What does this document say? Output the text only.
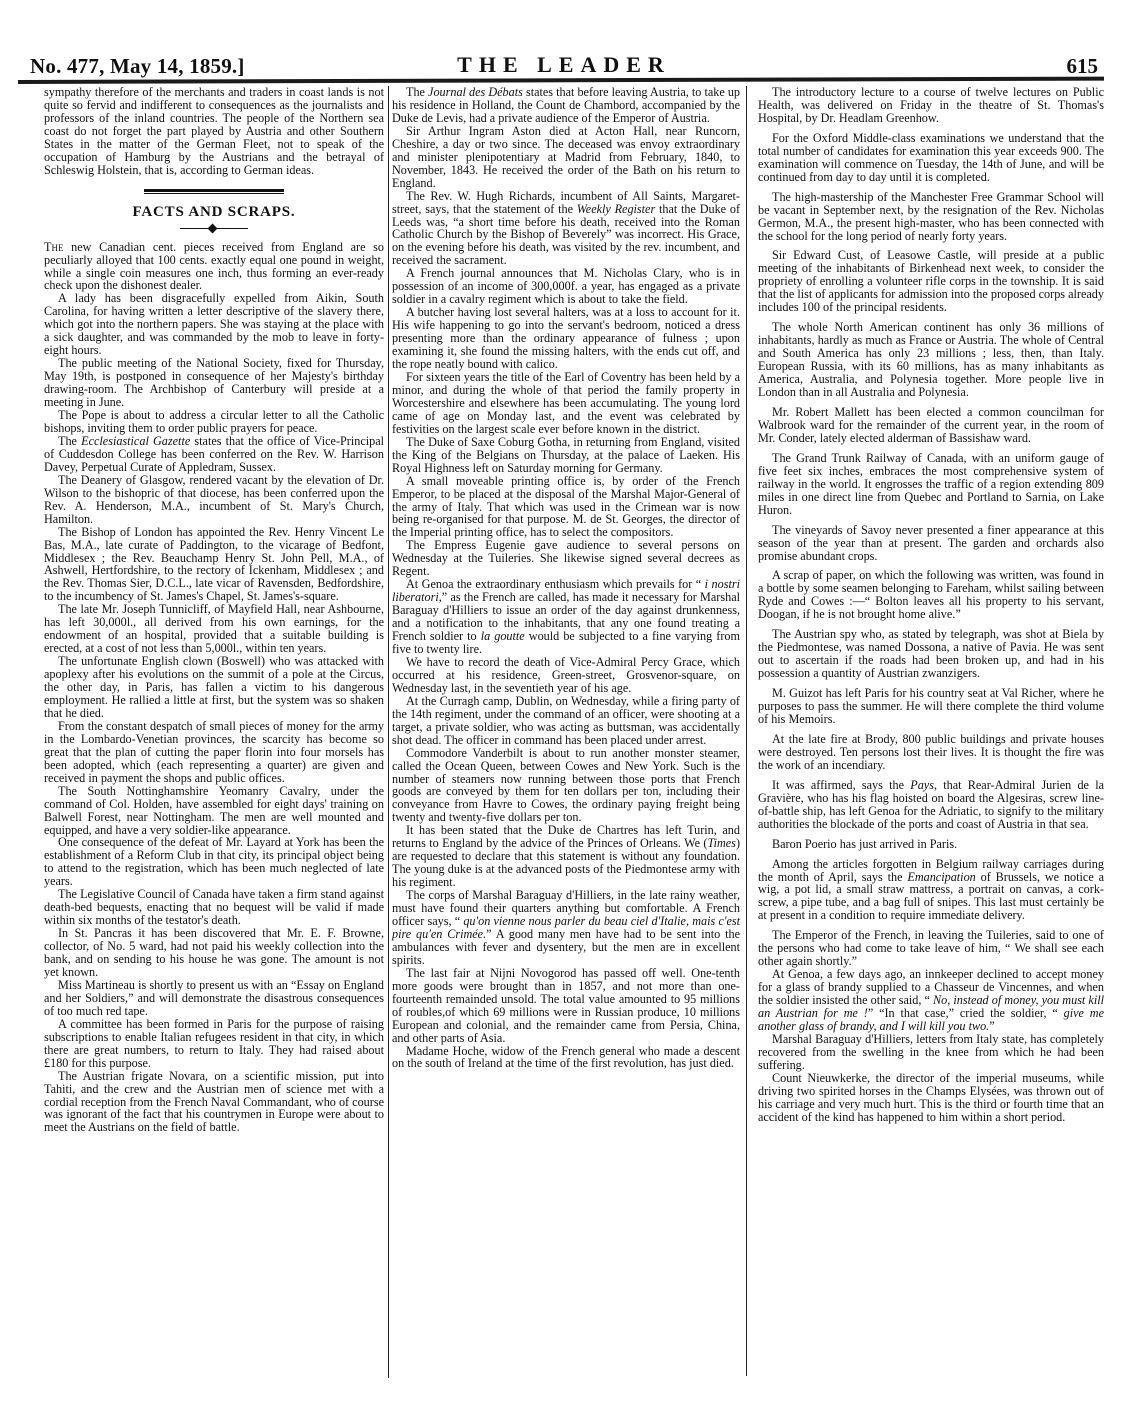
No. 477, May 14, 1859.]	THE LEADER	615

sympathy therefore of the merchants and traders in coast lands is not quite so fervid and indifferent to consequences as the journalists and professors of the inland countries. The people of the Northern sea coast do not forget the part played by Austria and other Southern States in the matter of the German Fleet, not to speak of the occupation of Hamburg by the Austrians and the betrayal of Schleswig Holstein, that is, according to German ideas.

FACTS AND SCRAPS.

The new Canadian cent. pieces received from England are so peculiarly alloyed that 100 cents. exactly equal one pound in weight, while a single coin measures one inch, thus forming an ever-ready check upon the dishonest dealer.

A lady has been disgracefully expelled from Aikin, South Carolina, for having written a letter descriptive of the slavery there, which got into the northern papers. She was staying at the place with a sick daughter, and was commanded by the mob to leave in forty-eight hours.

The public meeting of the National Society, fixed for Thursday, May 19th, is postponed in consequence of her Majesty's birthday drawing-room. The Archbishop of Canterbury will preside at a meeting in June.

The Pope is about to address a circular letter to all the Catholic bishops, inviting them to order public prayers for peace.

The Ecclesiastical Gazette states that the office of Vice-Principal of Cuddesdon College has been conferred on the Rev. W. Harrison Davey, Perpetual Curate of Appledram, Sussex.

The Deanery of Glasgow, rendered vacant by the elevation of Dr. Wilson to the bishopric of that diocese, has been conferred upon the Rev. A. Henderson, M.A., incumbent of St. Mary's Church, Hamilton.

The Bishop of London has appointed the Rev. Henry Vincent Le Bas, M.A., late curate of Paddington, to the vicarage of Bedfont, Middlesex ; the Rev. Beauchamp Henry St. John Pell, M.A., of Ashwell, Hertfordshire, to the rectory of Ickenham, Middlesex ; and the Rev. Thomas Sier, D.C.L., late vicar of Ravensden, Bedfordshire, to the incumbency of St. James's Chapel, St. James's-square.

The late Mr. Joseph Tunnicliff, of Mayfield Hall, near Ashbourne, has left 30,000l., all derived from his own earnings, for the endowment of an hospital, provided that a suitable building is erected, at a cost of not less than 5,000l., within ten years.

The unfortunate English clown (Boswell) who was attacked with apoplexy after his evolutions on the summit of a pole at the Circus, the other day, in Paris, has fallen a victim to his dangerous employment. He rallied a little at first, but the system was so shaken that he died.

From the constant despatch of small pieces of money for the army in the Lombardo-Venetian provinces, the scarcity has become so great that the plan of cutting the paper florin into four morsels has been adopted, which (each representing a quarter) are given and received in payment the shops and public offices.

The South Nottinghamshire Yeomanry Cavalry, under the command of Col. Holden, have assembled for eight days' training on Balwell Forest, near Nottingham. The men are well mounted and equipped, and have a very soldier-like appearance.

One consequence of the defeat of Mr. Layard at York has been the establishment of a Reform Club in that city, its principal object being to attend to the registration, which has been much neglected of late years.

The Legislative Council of Canada have taken a firm stand against death-bed bequests, enacting that no bequest will be valid if made within six months of the testator's death.

In St. Pancras it has been discovered that Mr. E. F. Browne, collector, of No. 5 ward, had not paid his weekly collection into the bank, and on sending to his house he was gone. The amount is not yet known.

Miss Martineau is shortly to present us with an “Essay on England and her Soldiers,” and will demonstrate the disastrous consequences of too much red tape.

A committee has been formed in Paris for the purpose of raising subscriptions to enable Italian refugees resident in that city, in which there are great numbers, to return to Italy. They had raised about £180 for this purpose.

The Austrian frigate Novara, on a scientific mission, put into Tahiti, and the crew and the Austrian men of science met with a cordial reception from the French Naval Commandant, who of course was ignorant of the fact that his countrymen in Europe were about to meet the Austrians on the field of battle.

The Journal des Débats states that before leaving Austria, to take up his residence in Holland, the Count de Chambord, accompanied by the Duke de Levis, had a private audience of the Emperor of Austria.

Sir Arthur Ingram Aston died at Acton Hall, near Runcorn, Cheshire, a day or two since. The deceased was envoy extraordinary and minister plenipotentiary at Madrid from February, 1840, to November, 1843. He received the order of the Bath on his return to England.

The Rev. W. Hugh Richards, incumbent of All Saints, Margaret-street, says, that the statement of the Weekly Register that the Duke of Leeds was, “a short time before his death, received into the Roman Catholic Church by the Bishop of Beverely” was incorrect. His Grace, on the evening before his death, was visited by the rev. incumbent, and received the sacrament.

A French journal announces that M. Nicholas Clary, who is in possession of an income of 300,000f. a year, has engaged as a private soldier in a cavalry regiment which is about to take the field.

A butcher having lost several halters, was at a loss to account for it. His wife happening to go into the servant's bedroom, noticed a dress presenting more than the ordinary appearance of fulness ; upon examining it, she found the missing halters, with the ends cut off, and the rope neatly bound with calico.

For sixteen years the title of the Earl of Coventry has been held by a minor, and during the whole of that period the family property in Worcestershire and elsewhere has been accumulating. The young lord came of age on Monday last, and the event was celebrated by festivities on the largest scale ever before known in the district.

The Duke of Saxe Coburg Gotha, in returning from England, visited the King of the Belgians on Thursday, at the palace of Laeken. His Royal Highness left on Saturday morning for Germany.

A small moveable printing office is, by order of the French Emperor, to be placed at the disposal of the Marshal Major-General of the army of Italy. That which was used in the Crimean war is now being re-organised for that purpose. M. de St. Georges, the director of the Imperial printing office, has to select the compositors.

The Empress Eugenie gave audience to several persons on Wednesday at the Tuileries. She likewise signed several decrees as Regent.

At Genoa the extraordinary enthusiasm which prevails for “ i nostri liberatori,” as the French are called, has made it necessary for Marshal Baraguay d'Hilliers to issue an order of the day against drunkenness, and a notification to the inhabitants, that any one found treating a French soldier to la goutte would be subjected to a fine varying from five to twenty lire.

We have to record the death of Vice-Admiral Percy Grace, which occurred at his residence, Green-street, Grosvenor-square, on Wednesday last, in the seventieth year of his age.

At the Curragh camp, Dublin, on Wednesday, while a firing party of the 14th regiment, under the command of an officer, were shooting at a target, a private soldier, who was acting as buttsman, was accidentally shot dead. The officer in command has been placed under arrest.

Commodore Vanderbilt is about to run another monster steamer, called the Ocean Queen, between Cowes and New York. Such is the number of steamers now running between those ports that French goods are conveyed by them for ten dollars per ton, including their conveyance from Havre to Cowes, the ordinary paying freight being twenty and twenty-five dollars per ton.

It has been stated that the Duke de Chartres has left Turin, and returns to England by the advice of the Princes of Orleans. We (Times) are requested to declare that this statement is without any foundation. The young duke is at the advanced posts of the Piedmontese army with his regiment.

The corps of Marshal Baraguay d'Hilliers, in the late rainy weather, must have found their quarters anything but comfortable. A French officer says, “ qu'on vienne nous parler du beau ciel d'Italie, mais c'est pire qu'en Crimée.” A good many men have had to be sent into the ambulances with fever and dysentery, but the men are in excellent spirits.

The last fair at Nijni Novogorod has passed off well. One-tenth more goods were brought than in 1857, and not more than one-fourteenth remainded unsold. The total value amounted to 95 millions of roubles,of which 69 millions were in Russian produce, 10 millions European and colonial, and the remainder came from Persia, China, and other parts of Asia.

Madame Hoche, widow of the French general who made a descent on the south of Ireland at the time of the first revolution, has just died.

The introductory lecture to a course of twelve lectures on Public Health, was delivered on Friday in the theatre of St. Thomas's Hospital, by Dr. Headlam Greenhow.

For the Oxford Middle-class examinations we understand that the total number of candidates for examination this year exceeds 900. The examination will commence on Tuesday, the 14th of June, and will be continued from day to day until it is completed.

The high-mastership of the Manchester Free Grammar School will be vacant in September next, by the resignation of the Rev. Nicholas Germon, M.A., the present high-master, who has been connected with the school for the long period of nearly forty years.

Sir Edward Cust, of Leasowe Castle, will preside at a public meeting of the inhabitants of Birkenhead next week, to consider the propriety of enrolling a volunteer rifle corps in the township. It is said that the list of applicants for admission into the proposed corps already includes 100 of the principal residents.

The whole North American continent has only 36 millions of inhabitants, hardly as much as France or Austria. The whole of Central and South America has only 23 millions ; less, then, than Italy. European Russia, with its 60 millions, has as many inhabitants as America, Australia, and Polynesia together. More people live in London than in all Australia and Polynesia.

Mr. Robert Mallett has been elected a common councilman for Walbrook ward for the remainder of the current year, in the room of Mr. Conder, lately elected alderman of Bassishaw ward.

The Grand Trunk Railway of Canada, with an uniform gauge of five feet six inches, embraces the most comprehensive system of railway in the world. It engrosses the traffic of a region extending 809 miles in one direct line from Quebec and Portland to Sarnia, on Lake Huron.

The vineyards of Savoy never presented a finer appearance at this season of the year than at present. The garden and orchards also promise abundant crops.

A scrap of paper, on which the following was written, was found in a bottle by some seamen belonging to Fareham, whilst sailing between Ryde and Cowes :—“ Bolton leaves all his property to his servant, Doogan, if he is not brought home alive.”

The Austrian spy who, as stated by telegraph, was shot at Biela by the Piedmontese, was named Dossona, a native of Pavia. He was sent out to ascertain if the roads had been broken up, and had in his possession a quantity of Austrian zwanzigers.

M. Guizot has left Paris for his country seat at Val Richer, where he purposes to pass the summer. He will there complete the third volume of his Memoirs.

At the late fire at Brody, 800 public buildings and private houses were destroyed. Ten persons lost their lives. It is thought the fire was the work of an incendiary.

It was affirmed, says the Pays, that Rear-Admiral Jurien de la Gravière, who has his flag hoisted on board the Algesiras, screw line-of-battle ship, has left Genoa for the Adriatic, to signify to the military authorities the blockade of the ports and coast of Austria in that sea.

Baron Poerio has just arrived in Paris.

Among the articles forgotten in Belgium railway carriages during the month of April, says the Emancipation of Brussels, we notice a wig, a pot lid, a small straw mattress, a portrait on canvas, a cork-screw, a pipe tube, and a bag full of snipes. This last must certainly be at present in a condition to require immediate delivery.

The Emperor of the French, in leaving the Tuileries, said to one of the persons who had come to take leave of him, “ We shall see each other again shortly.”

At Genoa, a few days ago, an innkeeper declined to accept money for a glass of brandy supplied to a Chasseur de Vincennes, and when the soldier insisted the other said, “ No, instead of money, you must kill an Austrian for me !” “In that case,” cried the soldier, “ give me another glass of brandy, and I will kill you two.”

Marshal Baraguay d'Hilliers, letters from Italy state, has completely recovered from the swelling in the knee from which he had been suffering.

Count Nieuwkerke, the director of the imperial museums, while driving two spirited horses in the Champs Elysées, was thrown out of his carriage and very much hurt. This is the third or fourth time that an accident of the kind has happened to him within a short period.
